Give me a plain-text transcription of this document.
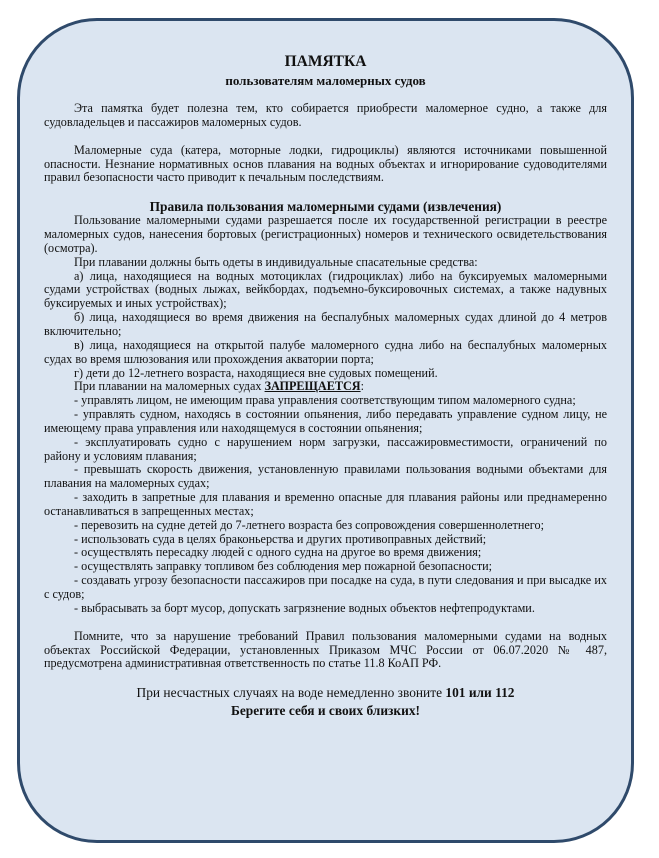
ПАМЯТКА

пользователям маломерных судов

Эта памятка будет полезна тем, кто собирается приобрести маломерное судно, а также для судовладельцев и пассажиров маломерных судов.

Маломерные суда (катера, моторные лодки, гидроциклы) являются источниками повышенной опасности. Незнание нормативных основ плавания на водных объектах и игнорирование судоводителями правил безопасности часто приводит к печальным последствиям.

Правила пользования маломерными судами (извлечения)

Пользование маломерными судами разрешается после их государственной регистрации в реестре маломерных судов, нанесения бортовых (регистрационных) номеров и технического освидетельствования (осмотра).

При плавании должны быть одеты в индивидуальные спасательные средства:

а) лица, находящиеся на водных мотоциклах (гидроциклах) либо на буксируемых маломерными судами устройствах (водных лыжах, вейкбордах, подъемно-буксировочных системах, а также надувных буксируемых и иных устройствах);

б) лица, находящиеся во время движения на беспалубных маломерных судах длиной до 4 метров включительно;

в) лица, находящиеся на открытой палубе маломерного судна либо на беспалубных маломерных судах во время шлюзования или прохождения акватории порта;

г) дети до 12-летнего возраста, находящиеся вне судовых помещений.

При плавании на маломерных судах ЗАПРЕЩАЕТСЯ:

- управлять лицом, не имеющим права управления соответствующим типом маломерного судна;

- управлять судном, находясь в состоянии опьянения, либо передавать управление судном лицу, не имеющему права управления или находящемуся в состоянии опьянения;

- эксплуатировать судно с нарушением норм загрузки, пассажировместимости, ограничений по району и условиям плавания;

- превышать скорость движения, установленную правилами пользования водными объектами для плавания на маломерных судах;

- заходить в запретные для плавания и временно опасные для плавания районы или преднамеренно останавливаться в запрещенных местах;

- перевозить на судне детей до 7-летнего возраста без сопровождения совершеннолетнего;

- использовать суда в целях браконьерства и других противоправных действий;

- осуществлять пересадку людей с одного судна на другое во время движения;

- осуществлять заправку топливом без соблюдения мер пожарной безопасности;

- создавать угрозу безопасности пассажиров при посадке на суда, в пути следования и при высадке их с судов;

- выбрасывать за борт мусор, допускать загрязнение водных объектов нефтепродуктами.

Помните, что за нарушение требований Правил пользования маломерными судами на водных объектах Российской Федерации, установленных Приказом МЧС России от 06.07.2020 № 487, предусмотрена административная ответственность по статье 11.8 КоАП РФ.

При несчастных случаях на воде немедленно звоните 101 или 112

Берегите себя и своих близких!
